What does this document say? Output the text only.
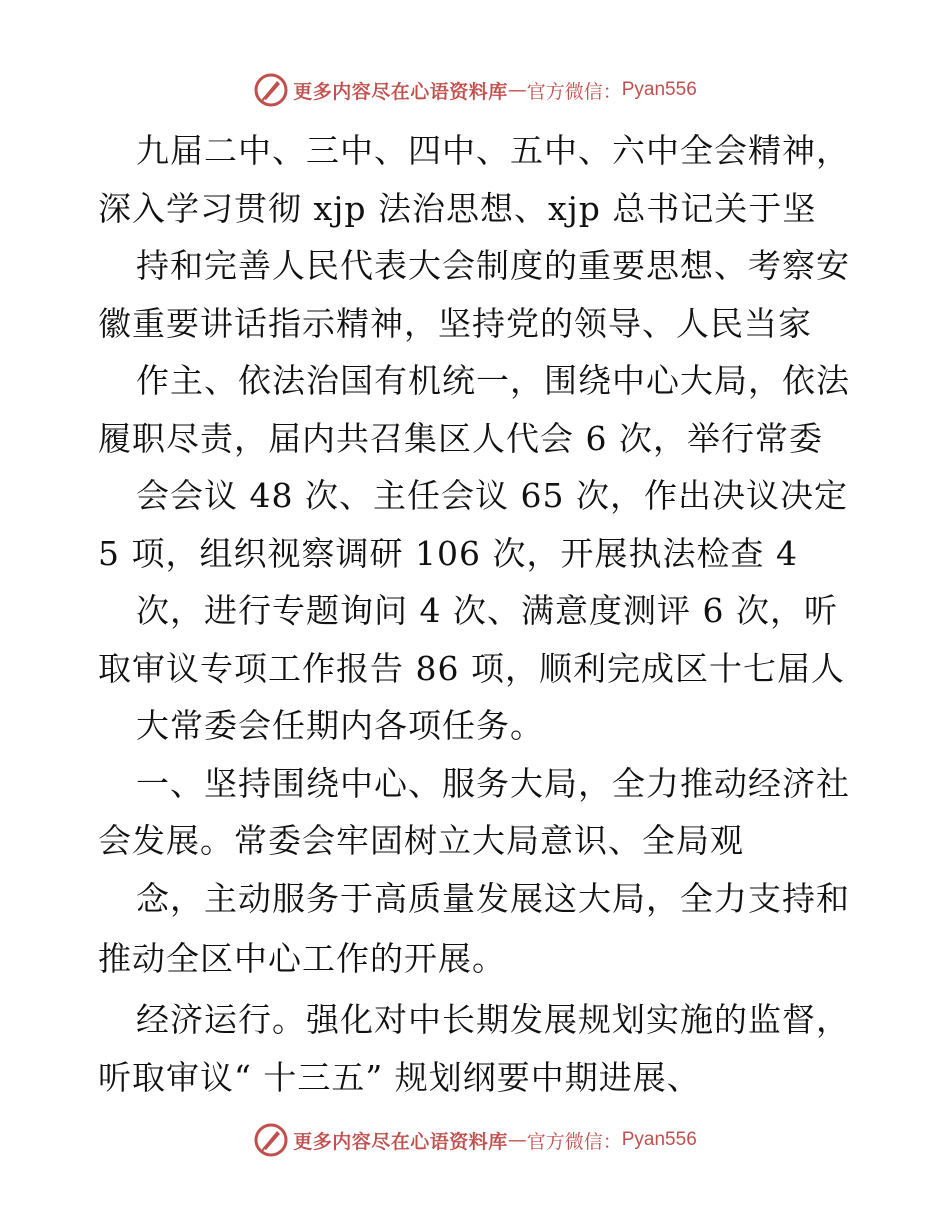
更多内容尽在心语资料库 — 官方微信： Pyan556
九届二中、三中、四中、五中、六中全会精神，
深入学习贯彻 xjp 法治思想、xjp 总书记关于坚
持和完善人民代表大会制度的重要思想、考察安
徽重要讲话指示精神，坚持党的领导、人民当家
作主、依法治国有机统一，围绕中心大局，依法
履职尽责，届内共召集区人代会 6 次，举行常委
会会议 48 次、主任会议 65 次，作出决议决定
5 项，组织视察调研 106 次，开展执法检查 4
次，进行专题询问 4 次、满意度测评 6 次，听
取审议专项工作报告 86 项，顺利完成区十七届人
大常委会任期内各项任务。
一、坚持围绕中心、服务大局，全力推动经济社
会发展。常委会牢固树立大局意识、全局观
念，主动服务于高质量发展这大局，全力支持和
推动全区中心工作的开展。
经济运行。强化对中长期发展规划实施的监督，
听取审议“ 十三五” 规划纲要中期进展、
更多内容尽在心语资料库 — 官方微信： Pyan556
